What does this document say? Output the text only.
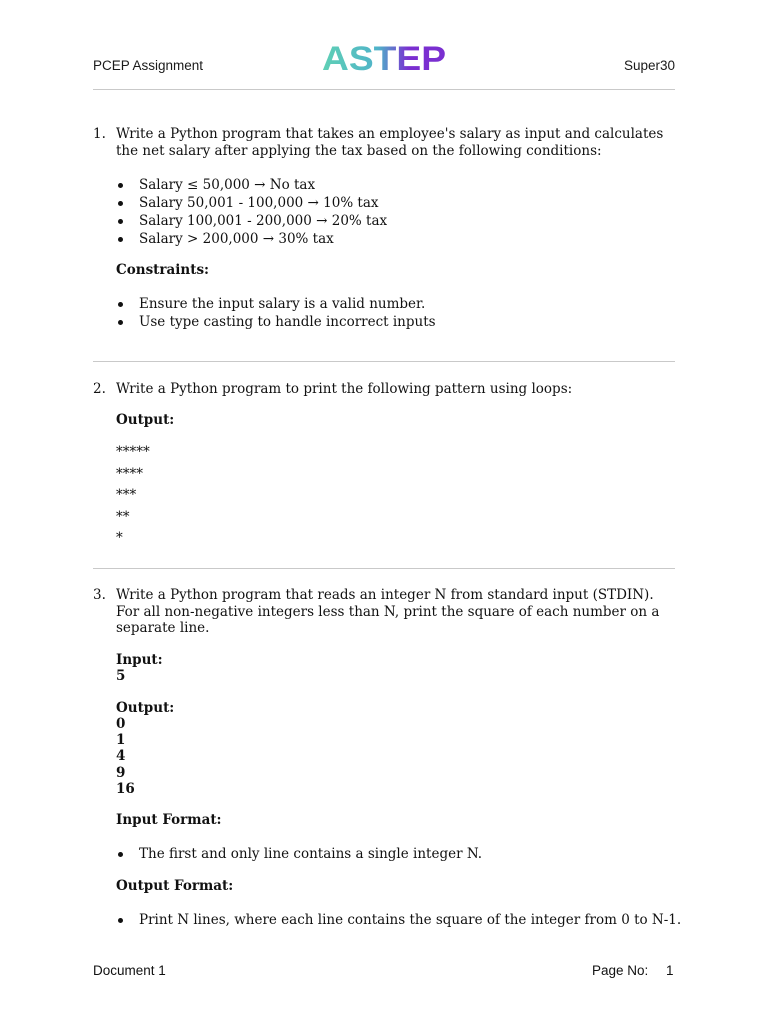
PCEP Assignment	ASTEP	Super30
1. Write a Python program that takes an employee's salary as input and calculates
the net salary after applying the tax based on the following conditions:
Salary ≤ 50,000 → No tax
Salary 50,001 - 100,000 → 10% tax
Salary 100,001 - 200,000 → 20% tax
Salary > 200,000 → 30% tax
Constraints:
Ensure the input salary is a valid number.
Use type casting to handle incorrect inputs
2. Write a Python program to print the following pattern using loops:
Output:
*****
****
***
**
*
3. Write a Python program that reads an integer N from standard input (STDIN).
For all non-negative integers less than N, print the square of each number on a
separate line.
Input:
5
Output:
0
1
4
9
16
Input Format:
The first and only line contains a single integer N.
Output Format:
Print N lines, where each line contains the square of the integer from 0 to N-1.
Document 1	Page No: 1
